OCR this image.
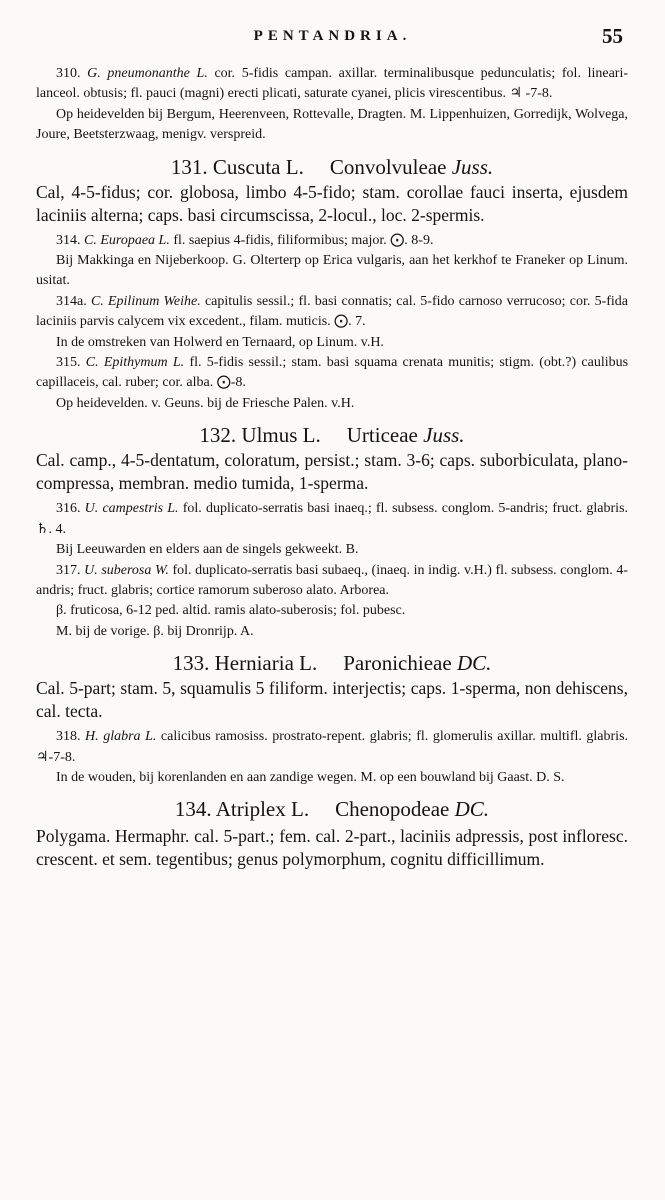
PENTANDRIA.	55

310. G. pneumonanthe L. cor. 5-fidis campan. axillar. terminalibusque pedunculatis; fol. lineari-lanceol. obtusis; fl. pauci (magni) erecti plicati, saturate cyanei, plicis virescentibus. ♃ -7-8.

Op heidevelden bij Bergum, Heerenveen, Rottevalle, Dragten. M. Lippenhuizen, Gorredijk, Wolvega, Joure, Beetsterzwaag, menigv. verspreid.

131. Cuscuta L. Convolvuleae Juss.

Cal, 4-5-fidus; cor. globosa, limbo 4-5-fido; stam. corollae fauci inserta, ejusdem laciniis alterna; caps. basi circumscissa, 2-locul., loc. 2-spermis.

314. C. Europaea L. fl. saepius 4-fidis, filiformibus; major. ⨀. 8-9.

Bij Makkinga en Nijeberkoop. G. Olterterp op Erica vulgaris, aan het kerkhof te Franeker op Linum. usitat.

314a. C. Epilinum Weihe. capitulis sessil.; fl. basi connatis; cal. 5-fido carnoso verrucoso; cor. 5-fida laciniis parvis calycem vix excedent., filam. muticis. ⨀. 7.

In de omstreken van Holwerd en Ternaard, op Linum. v.H.

315. C. Epithymum L. fl. 5-fidis sessil.; stam. basi squama crenata munitis; stigm. (obt.?) caulibus capillaceis, cal. ruber; cor. alba. ⨀-8.

Op heidevelden. v. Geuns. bij de Friesche Palen. v.H.

132. Ulmus L. Urticeae Juss.

Cal. camp., 4-5-dentatum, coloratum, persist.; stam. 3-6; caps. suborbiculata, plano-compressa, membran. medio tumida, 1-sperma.

316. U. campestris L. fol. duplicato-serratis basi inaeq.; fl. subsess. conglom. 5-andris; fruct. glabris. ♄. 4.

Bij Leeuwarden en elders aan de singels gekweekt. B.

317. U. suberosa W. fol. duplicato-serratis basi subaeq., (inaeq. in indig. v.H.) fl. subsess. conglom. 4-andris; fruct. glabris; cortice ramorum suberoso alato. Arborea.

β. fruticosa, 6-12 ped. altid. ramis alato-suberosis; fol. pubesc.

M. bij de vorige. β. bij Dronrijp. A.

133. Herniaria L. Paronichieae DC.

Cal. 5-part; stam. 5, squamulis 5 filiform. interjectis; caps. 1-sperma, non dehiscens, cal. tecta.

318. H. glabra L. calicibus ramosiss. prostrato-repent. glabris; fl. glomerulis axillar. multifl. glabris. ♃-7-8.

In de wouden, bij korenlanden en aan zandige wegen. M. op een bouwland bij Gaast. D. S.

134. Atriplex L. Chenopodeae DC.

Polygama. Hermaphr. cal. 5-part.; fem. cal. 2-part., laciniis adpressis, post infloresc. crescent. et sem. tegentibus; genus polymorphum, cognitu difficillimum.
